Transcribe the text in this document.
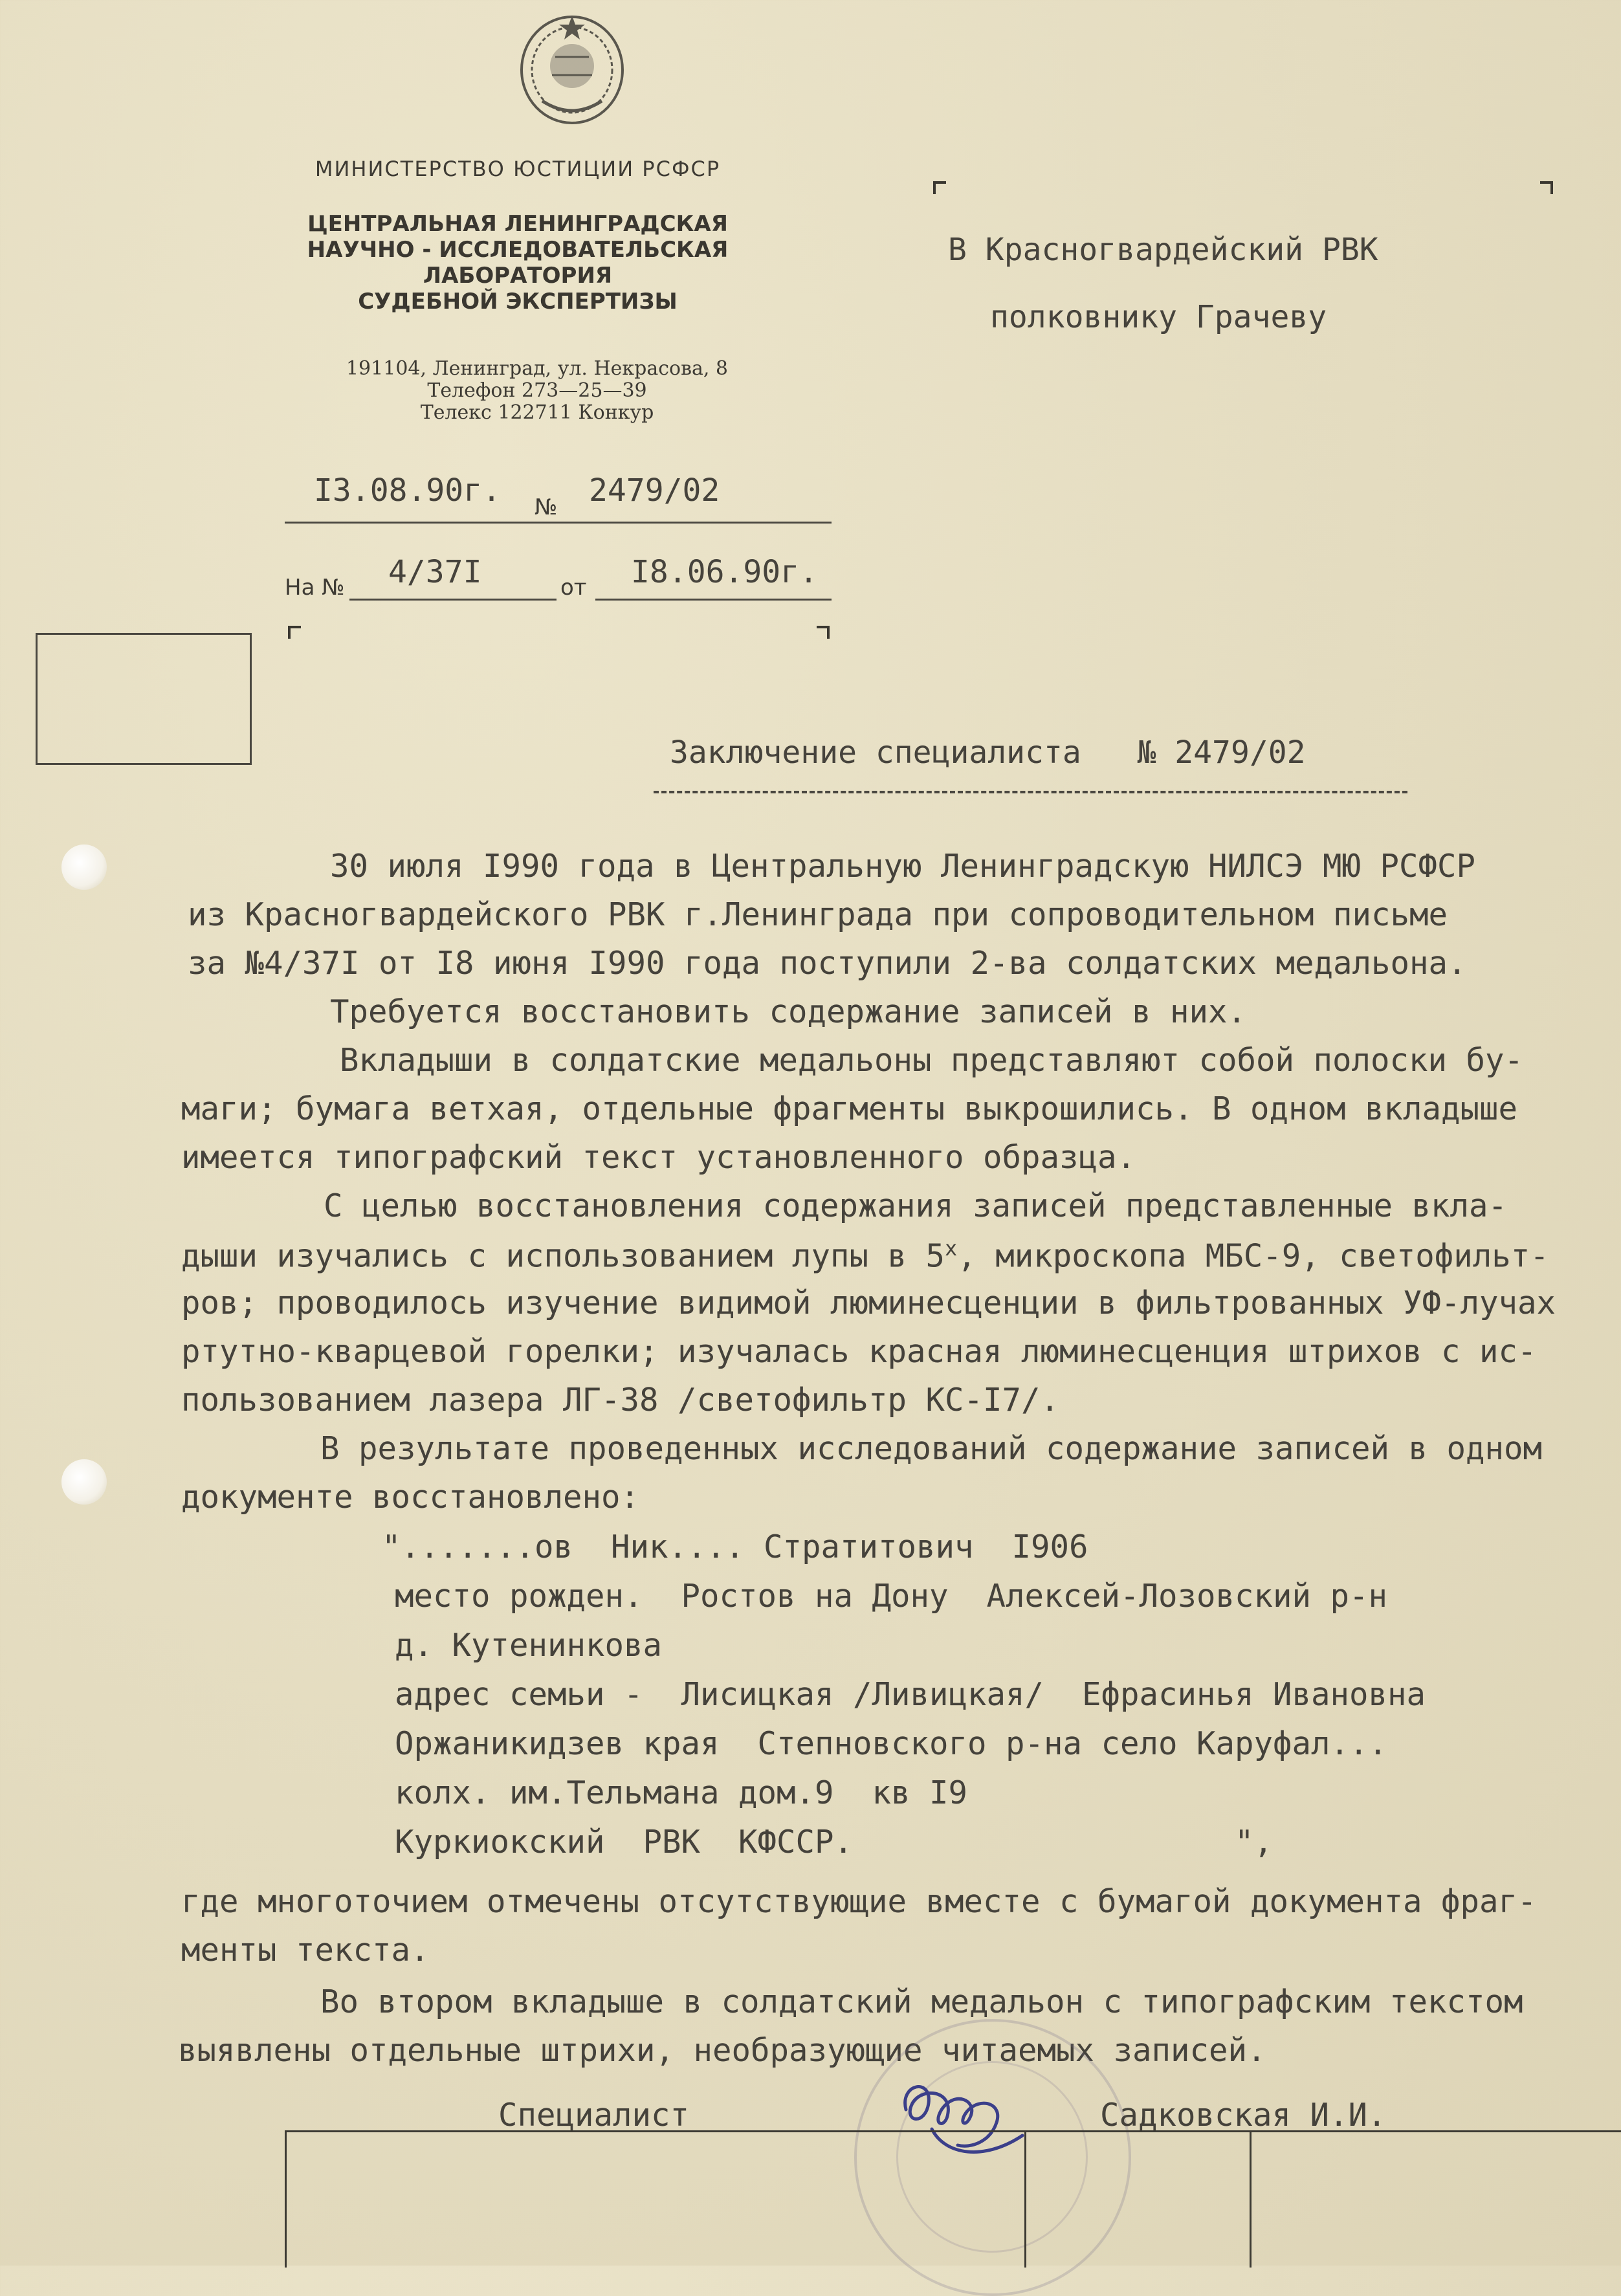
МИНИСТЕРСТВО ЮСТИЦИИ РСФСР
ЦЕНТРАЛЬНАЯ ЛЕНИНГРАДСКАЯ
НАУЧНО - ИССЛЕДОВАТЕЛЬСКАЯ
ЛАБОРАТОРИЯ
СУДЕБНОЙ ЭКСПЕРТИЗЫ
191104, Ленинград, ул. Некрасова, 8
Телефон 273—25—39
Телекс 122711 Конкур
I3.08.90г. № 2479/02
На № 4/37I	от I8.06.90г.
В Красногвардейский РВК
полковнику Грачеву
Заключение специалиста   № 2479/02
30 июля I990 года в Центральную Ленинградскую НИЛСЭ МЮ РСФСР
из Красногвардейского РВК г.Ленинграда при сопроводительном письме
за №4/37I от I8 июня I990 года поступили 2-ва солдатских медальона.
Требуется восстановить содержание записей в них.
Вкладыши в солдатские медальоны представляют собой полоски бу-
маги; бумага ветхая, отдельные фрагменты выкрошились. В одном вкладыше
имеется типографский текст установленного образца.
С целью восстановления содержания записей представленные вкла-
дыши изучались с использованием лупы в $5^х$, микроскопа МБС-9, светофильт-
ров; проводилось изучение видимой люминесценции в фильтрованных УФ-лучах
ртутно-кварцевой горелки; изучалась красная люминесценция штрихов с ис-
пользованием лазера ЛГ-38 /светофильтр КС-I7/.
В результате проведенных исследований содержание записей в одном
документе восстановлено:
".......ов  Ник.... Стратитович  I906
место рожден.  Ростов на Дону  Алексей-Лозовский р-н
д. Кутенинкова
адрес семьи -  Лисицкая /Ливицкая/  Ефрасинья Ивановна
Оржаникидзев края  Степновского р-на село Каруфал...
колх. им.Тельмана дом.9  кв I9
Куркиокский  РВК  КФССР.                    ",
где многоточием отмечены отсутствующие вместе с бумагой документа фраг-
менты текста.
Во втором вкладыше в солдатский медальон с типографским текстом
выявлены отдельные штрихи, необразующие читаемых записей.
Специалист	Садковская И.И.
